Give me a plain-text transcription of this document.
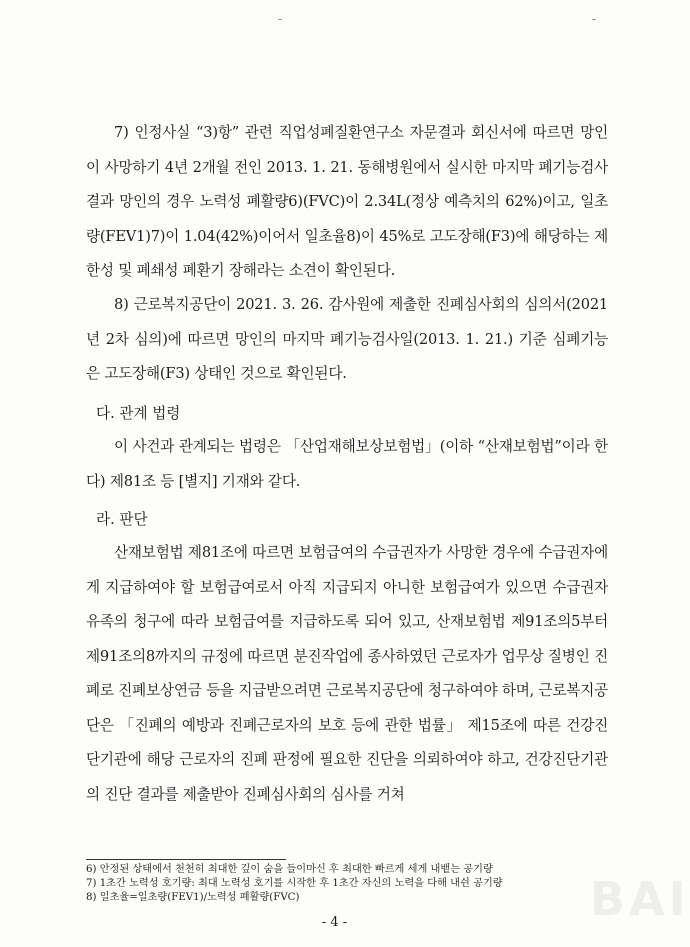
-	-

7) 인정사실 “3)항” 관련 직업성폐질환연구소 자문결과 회신서에 따르면 망인이 사망하기 4년 2개월 전인 2013. 1. 21. 동해병원에서 실시한 마지막 폐기능검사 결과 망인의 경우 노력성 폐활량6)(FVC)이 2.34L(정상 예측치의 62%)이고, 일초량(FEV1)7)이 1.04(42%)이어서 일초율8)이 45%로 고도장해(F3)에 해당하는 제한성 및 폐쇄성 폐환기 장해라는 소견이 확인된다.

8) 근로복지공단이 2021. 3. 26. 감사원에 제출한 진폐심사회의 심의서(2021년 2차 심의)에 따르면 망인의 마지막 폐기능검사일(2013. 1. 21.) 기준 심폐기능은 고도장해(F3) 상태인 것으로 확인된다.

다. 관계 법령

이 사건과 관계되는 법령은 「산업재해보상보험법」(이하 “산재보험법”이라 한다) 제81조 등 [별지] 기재와 같다.

라. 판단

산재보험법 제81조에 따르면 보험급여의 수급권자가 사망한 경우에 수급권자에게 지급하여야 할 보험급여로서 아직 지급되지 아니한 보험급여가 있으면 수급권자 유족의 청구에 따라 보험급여를 지급하도록 되어 있고, 산재보험법 제91조의5부터 제91조의8까지의 규정에 따르면 분진작업에 종사하였던 근로자가 업무상 질병인 진폐로 진폐보상연금 등을 지급받으려면 근로복지공단에 청구하여야 하며, 근로복지공단은 「진폐의 예방과 진폐근로자의 보호 등에 관한 법률」 제15조에 따른 건강진단기관에 해당 근로자의 진폐 판정에 필요한 진단을 의뢰하여야 하고, 건강진단기관의 진단 결과를 제출받아 진폐심사회의 심사를 거쳐

6) 안정된 상태에서 천천히 최대한 깊이 숨을 들이마신 후 최대한 빠르게 세게 내뱉는 공기량

7) 1초간 노력성 호기량: 최대 노력성 호기를 시작한 후 1초간 자신의 노력을 다해 내쉰 공기량

8) 일초율=일초량(FEV1)/노력성 폐활량(FVC)

- 4 -	BAI
